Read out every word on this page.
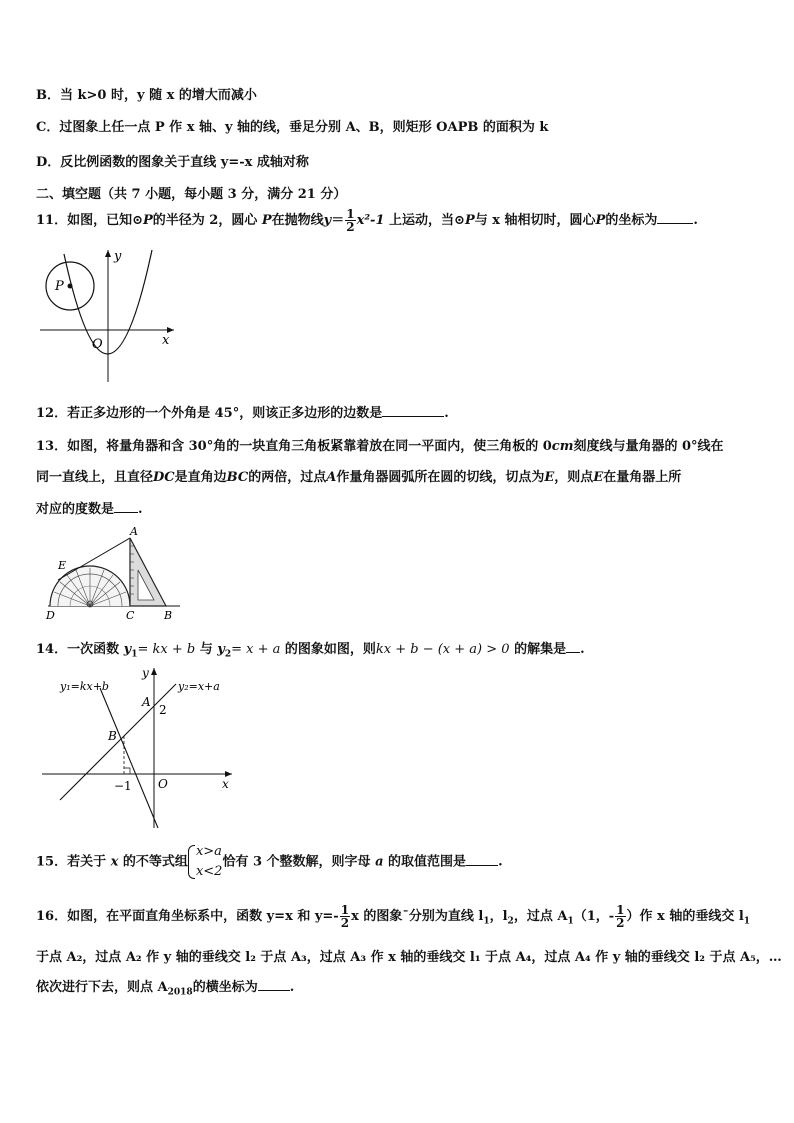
B．当 k>0 时，y 随 x 的增大而减小
C．过图象上任一点 P 作 x 轴、y 轴的线，垂足分别 A、B，则矩形 OAPB 的面积为 k
D．反比例函数的图象关于直线 y=-x 成轴对称
二、填空题（共 7 小题，每小题 3 分，满分 21 分）
11．如图，已知⊙P的半径为 2，圆心 P在抛物线$y= \frac{1}{2} x^2-1$ 上运动，当⊙P与 x 轴相切时，圆心P的坐标为	.
P
y
O	x
12．若正多边形的一个外角是 45°，则该正多边形的边数是	.
13．如图，将量角器和含 30°角的一块直角三角板紧靠着放在同一平面内，使三角板的 0cm刻度线与量角器的 0°线在
同一直线上，且直径DC是直角边BC的两倍，过点A作量角器圆弧所在圆的切线，切点为E，则点E在量角器上所
对应的度数是 .
A
E
D	C	B
14．一次函数 $y_1=$ kx + b 与 $y_2= x + a$ 的图象如图，则kx + b − (x + a) > 0 的解集是 .
y₁=kx+b	y₂=x+a
y
A
2
B
−1 O	x
15．若关于 x 的不等式组
x>a
x<2
恰有 3 个整数解，则字母 a 的取值范围是 .
16．如图，在平面直角坐标系中，函数 y=x 和 $y=- \frac{1}{2}$ x 的图象ˉ分别为直线 $l_1$，$l_2$，过点 $A_1(1$，- $\frac{1}{2}$ ）作 x 轴的垂线交 $l_1$
于点 A₂，过点 A₂ 作 y 轴的垂线交 l₂ 于点 A₃，过点 A₃ 作 x 轴的垂线交 l₁ 于点 A₄，过点 A₄ 作 y 轴的垂线交 l₂ 于点 A₅，…
依次进行下去，则点 $A_{2018}$的横坐标为 .
